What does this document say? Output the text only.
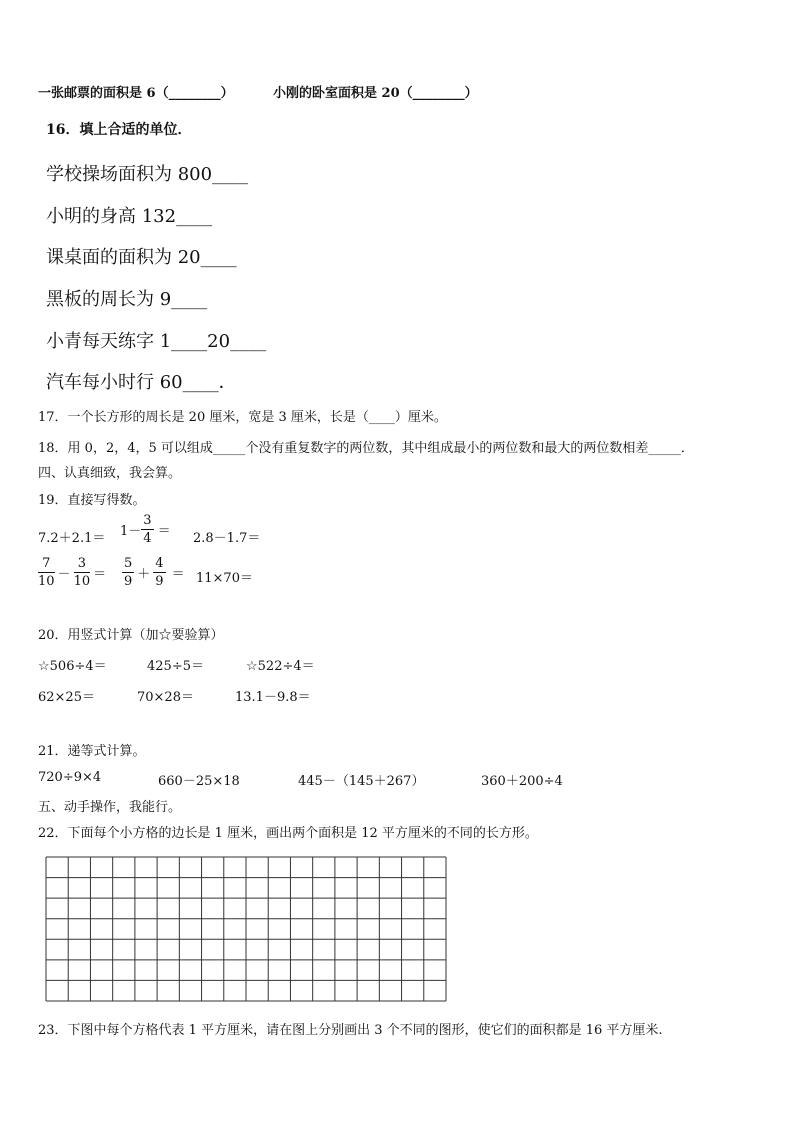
一张邮票的面积是 6（________）	小刚的卧室面积是 20（________）
16．填上合适的单位．
学校操场面积为 800____
小明的身高 132____
课桌面的面积为 20____
黑板的周长为 9____
小青每天练字 1____20____
汽车每小时行 60____．
17．一个长方形的周长是 20 厘米，宽是 3 厘米，长是（____）厘米。
18．用 0，2，4，5 可以组成_____个没有重复数字的两位数，其中组成最小的两位数和最大的两位数相差_____．
四、认真细致，我会算。
19．直接写得数。
$7.2+2.1= 1- \frac{3}{4} = 2.8-1.7=$
$\frac{7}{10} - \frac{3}{10} = \frac{5}{9} + \frac{4}{9} = 11\times 70=$
20．用竖式计算（加☆要验算）
☆506÷4＝	425÷5＝	☆522÷4＝
62×25＝	70×28＝	13.1－9.8＝
21．递等式计算。
720÷9×4	660－25×18	445－（145＋267）	360＋200÷4
五、动手操作，我能行。
22．下面每个小方格的边长是 1 厘米，画出两个面积是 12 平方厘米的不同的长方形。
23．下图中每个方格代表 1 平方厘米，请在图上分别画出 3 个不同的图形，使它们的面积都是 16 平方厘米.
